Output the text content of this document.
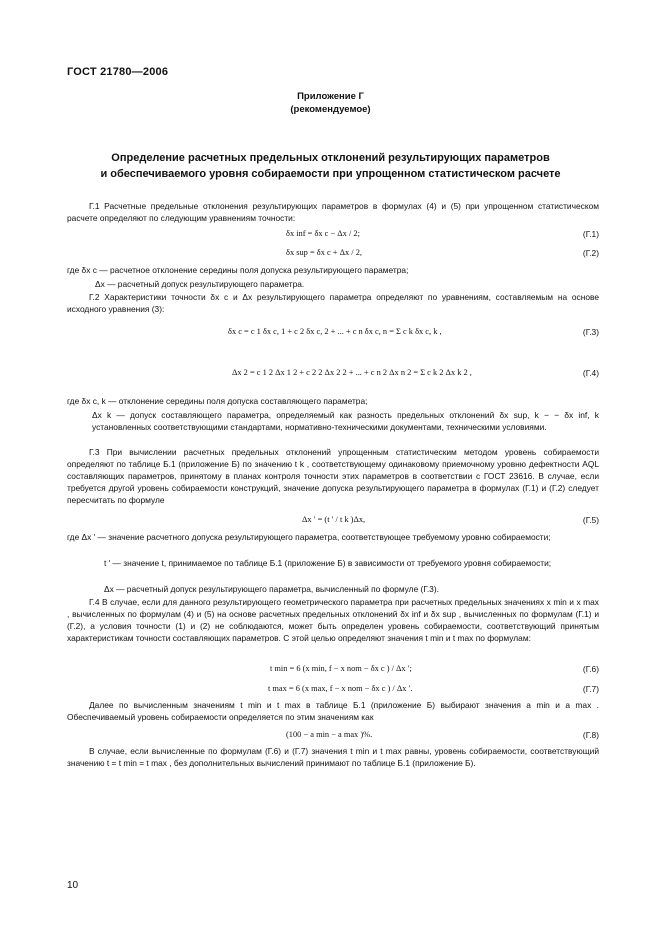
ГОСТ 21780—2006
Приложение Г
(рекомендуемое)
Определение расчетных предельных отклонений результирующих параметров
и обеспечиваемого уровня собираемости при упрощенном статистическом расчете
Г.1 Расчетные предельные отклонения результирующих параметров в формулах (4) и (5) при упрощенном статистическом расчете определяют по следующим уравнениям точности:
δx inf = δx c − Δx / 2;	(Г.1)
δx sup = δx c + Δx / 2,	(Г.2)
где δx c — расчетное отклонение середины поля допуска результирующего параметра;
Δx — расчетный допуск результирующего параметра.
Г.2 Характеристики точности δx c и Δx результирующего параметра определяют по уравнениям, составляемым на основе исходного уравнения (3):
δx c = c 1 δx c, 1 + c 2 δx c, 2 + ... + c n δx c, n = Σ c k δx c, k ,	(Г.3)
Δx 2 = c 1 2 Δx 1 2 + c 2 2 Δx 2 2 + ... + c n 2 Δx n 2 = Σ c k 2 Δx k 2 ,	(Г.4)
где δx c, k — отклонение середины поля допуска составляющего параметра;
Δx k — допуск составляющего параметра, определяемый как разность предельных отклонений δx sup, k − − δx inf, k установленных соответствующими стандартами, нормативно-техническими документами, техническими условиями.
Г.3 При вычислении расчетных предельных отклонений упрощенным статистическим методом уровень собираемости определяют по таблице Б.1 (приложение Б) по значению t k , соответствующему одинаковому приемочному уровню дефектности AQL составляющих параметров, принятому в планах контроля точности этих параметров в соответствии с ГОСТ 23616. В случае, если требуется другой уровень собираемости конструкций, значение допуска результирующего параметра в формулах (Г.1) и (Г.2) следует пересчитать по формуле
Δx ′ = (t ′ / t k )Δx,	(Г.5)
где Δx ′ — значение расчетного допуска результирующего параметра, соответствующее требуемому уровню собираемости;
t ′ — значение t, принимаемое по таблице Б.1 (приложение Б) в зависимости от требуемого уровня собираемости;
Δx — расчетный допуск результирующего параметра, вычисленный по формуле (Г.3).
Г.4 В случае, если для данного результирующего геометрического параметра при расчетных предельных значениях x min и x max , вычисленных по формулам (4) и (5) на основе расчетных предельных отклонений δx inf и δx sup , вычисленных по формулам (Г.1) и (Г.2), а условия точности (1) и (2) не соблюдаются, может быть определен уровень собираемости, соответствующий принятым характеристикам точности составляющих параметров. С этой целью определяют значения t min и t max по формулам:
t min = 6 (x min, f − x nom − δx c ) / Δx ′;	(Г.6)
t max = 6 (x max, f − x nom − δx c ) / Δx ′.	(Г.7)
Далее по вычисленным значениям t min и t max в таблице Б.1 (приложение Б) выбирают значения a min и a max . Обеспечиваемый уровень собираемости определяется по этим значениям как
(100 − a min − a max )%.	(Г.8)
В случае, если вычисленные по формулам (Г.6) и (Г.7) значения t min и t max равны, уровень собираемости, соответствующий значению t = t min = t max , без дополнительных вычислений принимают по таблице Б.1 (приложение Б).
10
